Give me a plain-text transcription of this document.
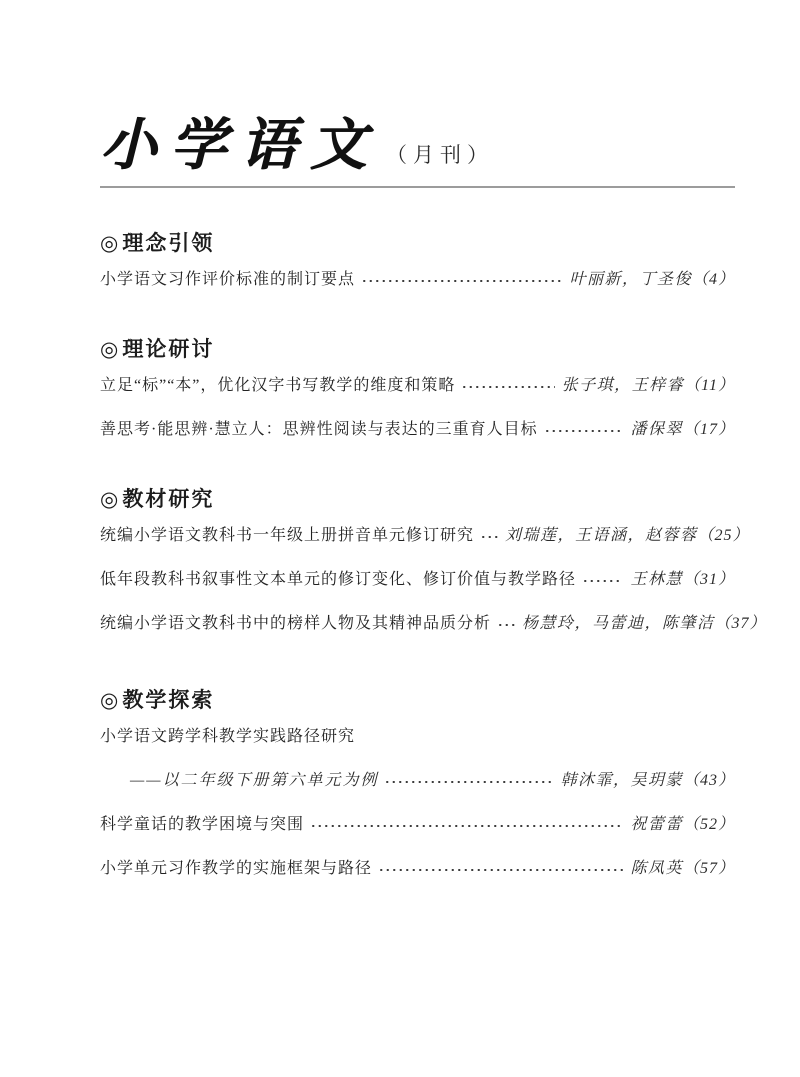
小学语文 （月刊）
◎ 理念引领
小学语文习作评价标准的制订要点	叶丽新，丁圣俊 （4）
◎ 理论研讨
立足“标”“本”，优化汉字书写教学的维度和策略	张子琪，王梓睿 （11）
善思考·能思辨·慧立人：思辨性阅读与表达的三重育人目标	潘保翠 （17）
◎ 教材研究
统编小学语文教科书一年级上册拼音单元修订研究 刘瑞莲，王语涵，赵蓉蓉 （25）
低年段教科书叙事性文本单元的修订变化、修订价值与教学路径	王林慧 （31）
统编小学语文教科书中的榜样人物及其精神品质分析 杨慧玲，马蕾迪，陈肇洁 （37）
◎ 教学探索
小学语文跨学科教学实践路径研究
——以二年级下册第六单元为例	韩沐霏，吴玥蒙 （43）
科学童话的教学困境与突围	祝蕾蕾 （52）
小学单元习作教学的实施框架与路径	陈凤英 （57）
